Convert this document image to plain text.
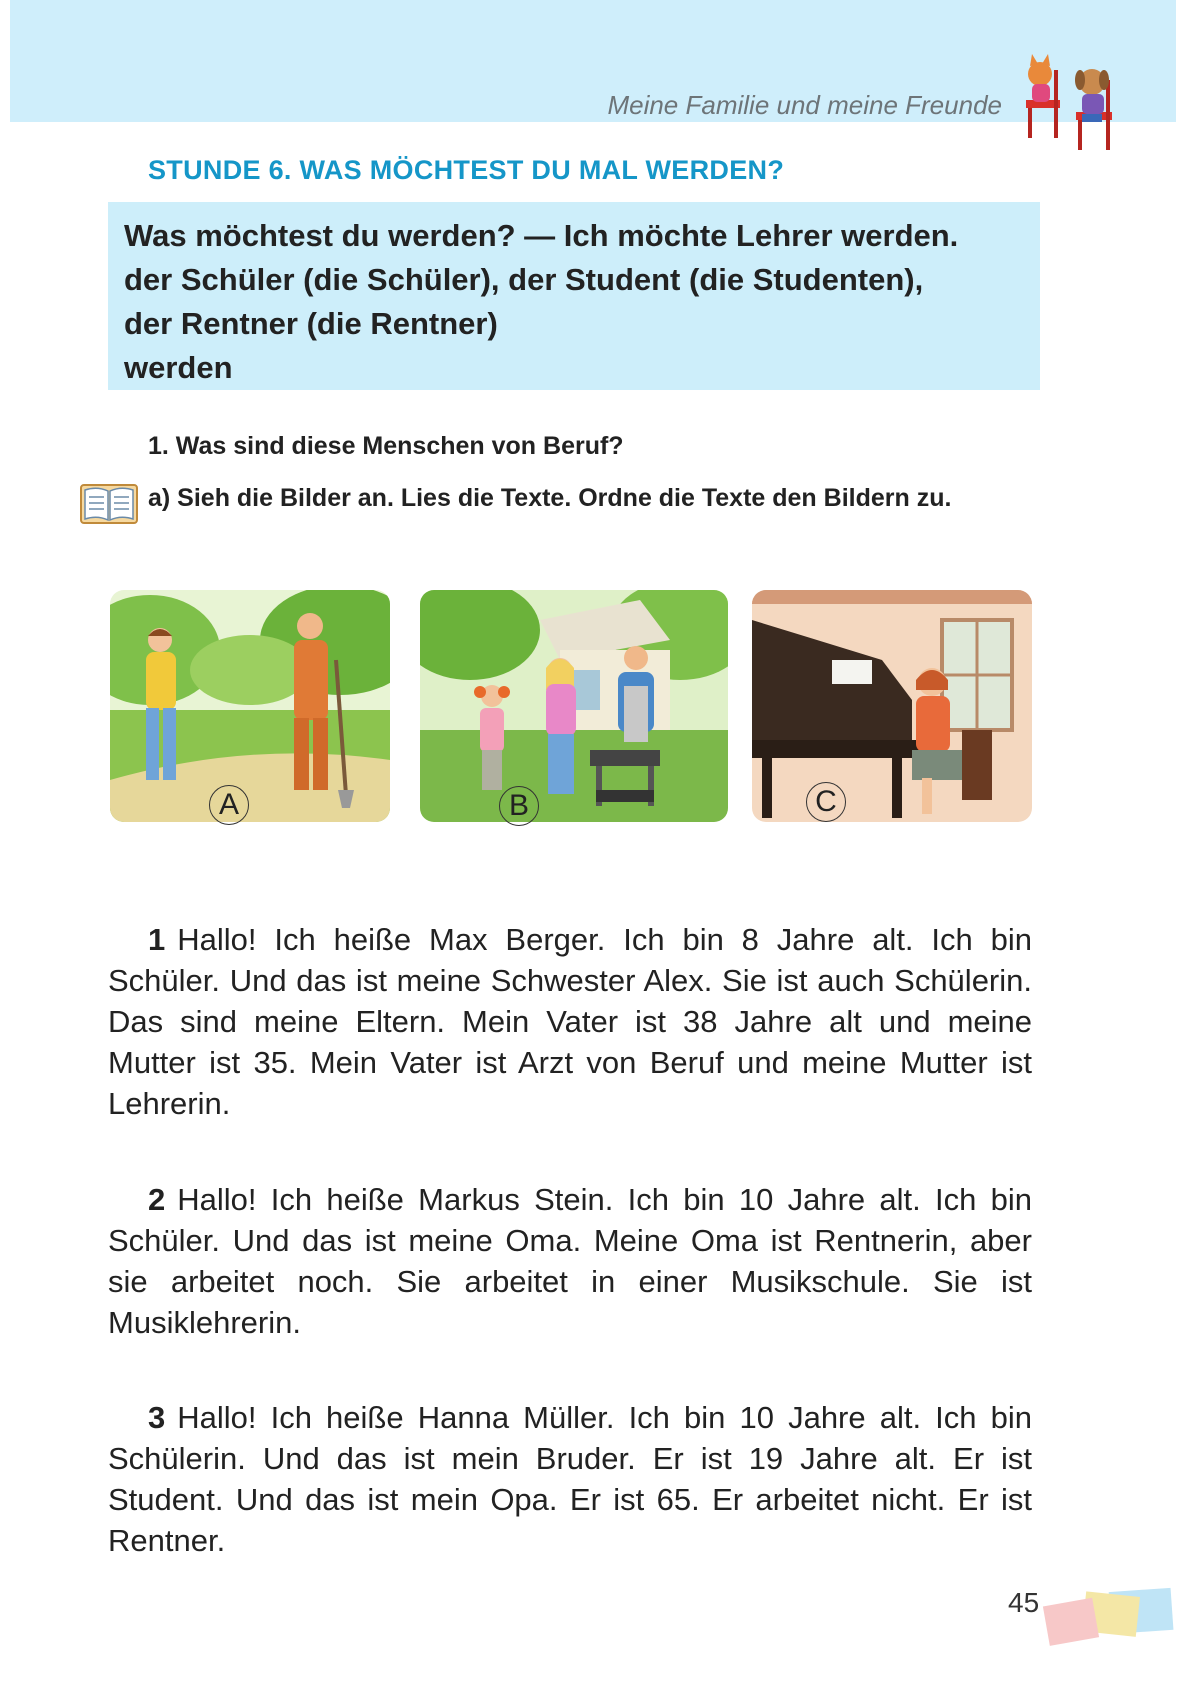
Meine Familie und meine Freunde
STUNDE 6. WAS MÖCHTEST DU MAL WERDEN?
Was möchtest du werden? — Ich möchte Lehrer werden.
der Schüler (die Schüler), der Student (die Studenten),
der Rentner (die Rentner)
werden
1. Was sind diese Menschen von Beruf?
a) Sieh die Bilder an. Lies die Texte. Ordne die Texte den Bildern zu.
A	B	C
1 Hallo! Ich heiße Max Berger. Ich bin 8 Jahre alt. Ich bin Schüler. Und das ist meine Schwester Alex. Sie ist auch Schülerin. Das sind meine Eltern. Mein Vater ist 38 Jahre alt und meine Mutter ist 35. Mein Vater ist Arzt von Beruf und meine Mutter ist Lehrerin.
2 Hallo! Ich heiße Markus Stein. Ich bin 10 Jahre alt. Ich bin Schüler. Und das ist meine Oma. Meine Oma ist Rentnerin, aber sie arbeitet noch. Sie arbeitet in einer Musikschule. Sie ist Musiklehrerin.
3 Hallo! Ich heiße Hanna Müller. Ich bin 10 Jahre alt. Ich bin Schülerin. Und das ist mein Bruder. Er ist 19 Jahre alt. Er ist Student. Und das ist mein Opa. Er ist 65. Er arbeitet nicht. Er ist Rentner.
45
